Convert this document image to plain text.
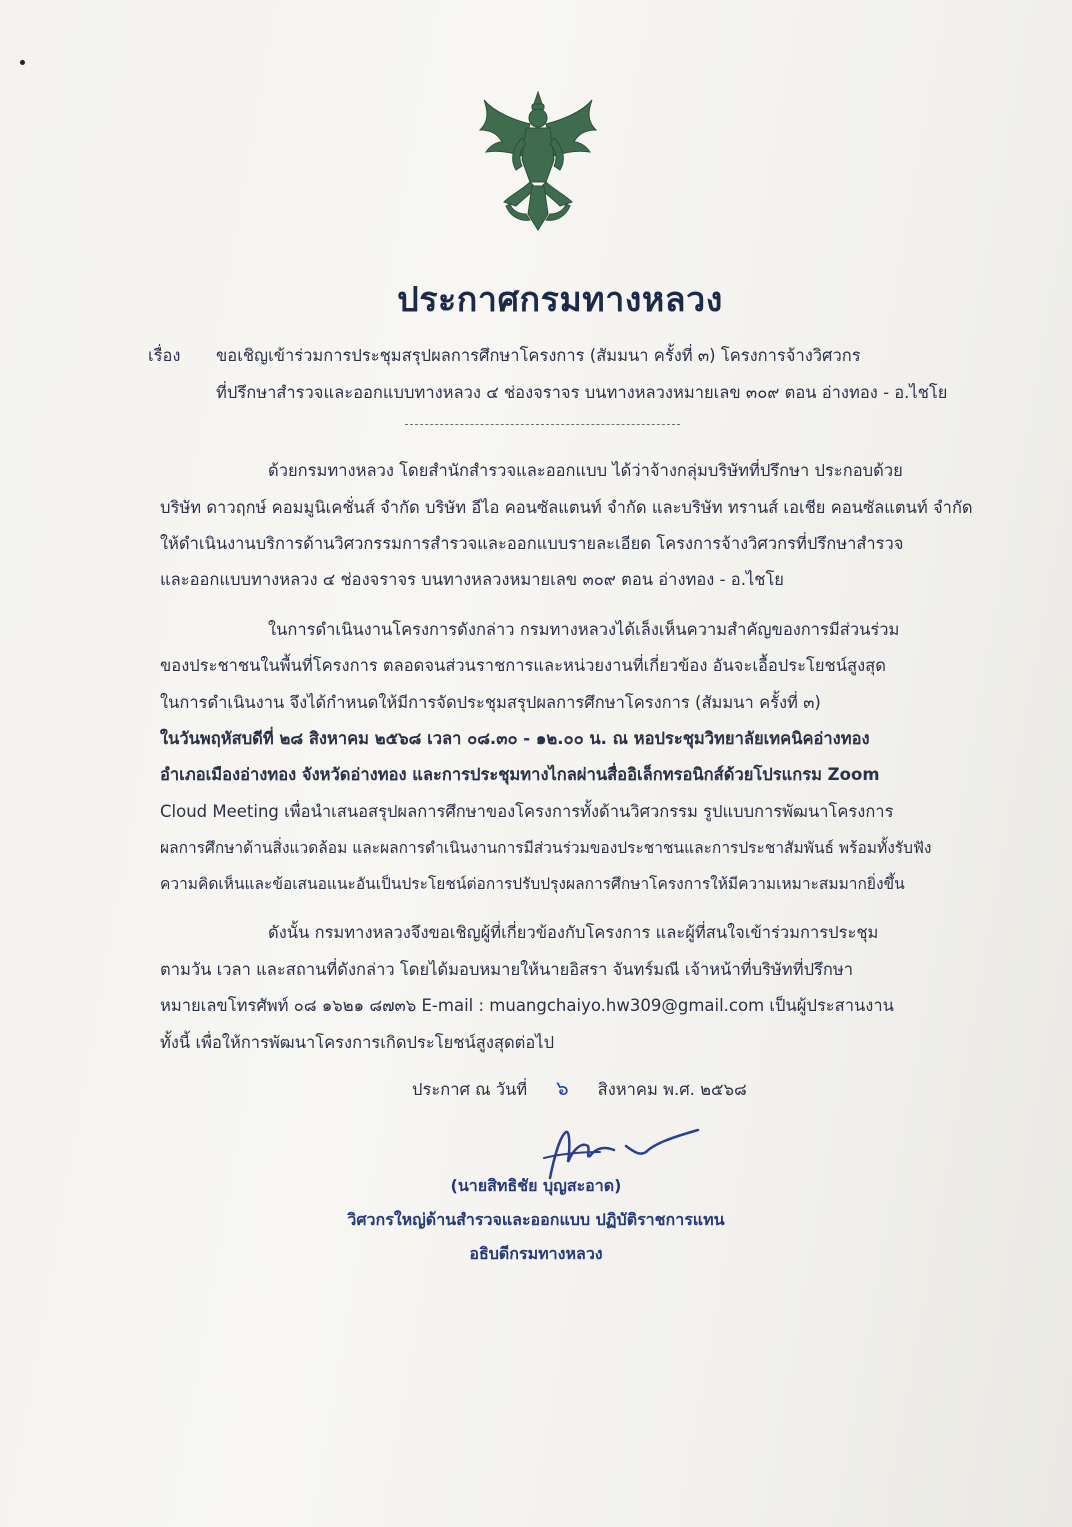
ประกาศกรมทางหลวง
เรื่อง ขอเชิญเข้าร่วมการประชุมสรุปผลการศึกษาโครงการ (สัมมนา ครั้งที่ ๓) โครงการจ้างวิศวกร
ที่ปรึกษาสำรวจและออกแบบทางหลวง ๔ ช่องจราจร บนทางหลวงหมายเลข ๓๐๙ ตอน อ่างทอง - อ.ไชโย
ด้วยกรมทางหลวง โดยสำนักสำรวจและออกแบบ ได้ว่าจ้างกลุ่มบริษัทที่ปรึกษา ประกอบด้วย
บริษัท ดาวฤกษ์ คอมมูนิเคชั่นส์ จำกัด บริษัท อีไอ คอนซัลแตนท์ จำกัด และบริษัท ทรานส์ เอเชีย คอนซัลแตนท์ จำกัด
ให้ดำเนินงานบริการด้านวิศวกรรมการสำรวจและออกแบบรายละเอียด โครงการจ้างวิศวกรที่ปรึกษาสำรวจ
และออกแบบทางหลวง ๔ ช่องจราจร บนทางหลวงหมายเลข ๓๐๙ ตอน อ่างทอง - อ.ไชโย
ในการดำเนินงานโครงการดังกล่าว กรมทางหลวงได้เล็งเห็นความสำคัญของการมีส่วนร่วม
ของประชาชนในพื้นที่โครงการ ตลอดจนส่วนราชการและหน่วยงานที่เกี่ยวข้อง อันจะเอื้อประโยชน์สูงสุด
ในการดำเนินงาน จึงได้กำหนดให้มีการจัดประชุมสรุปผลการศึกษาโครงการ (สัมมนา ครั้งที่ ๓)
ในวันพฤหัสบดีที่ ๒๘ สิงหาคม ๒๕๖๘ เวลา ๐๘.๓๐ - ๑๒.๐๐ น. ณ หอประชุมวิทยาลัยเทคนิคอ่างทอง
อำเภอเมืองอ่างทอง จังหวัดอ่างทอง และการประชุมทางไกลผ่านสื่ออิเล็กทรอนิกส์ด้วยโปรแกรม Zoom
Cloud Meeting เพื่อนำเสนอสรุปผลการศึกษาของโครงการทั้งด้านวิศวกรรม รูปแบบการพัฒนาโครงการ
ผลการศึกษาด้านสิ่งแวดล้อม และผลการดำเนินงานการมีส่วนร่วมของประชาชนและการประชาสัมพันธ์ พร้อมทั้งรับฟัง
ความคิดเห็นและข้อเสนอแนะอันเป็นประโยชน์ต่อการปรับปรุงผลการศึกษาโครงการให้มีความเหมาะสมมากยิ่งขึ้น
ดังนั้น กรมทางหลวงจึงขอเชิญผู้ที่เกี่ยวข้องกับโครงการ และผู้ที่สนใจเข้าร่วมการประชุม
ตามวัน เวลา และสถานที่ดังกล่าว โดยได้มอบหมายให้นายอิสรา จันทร์มณี เจ้าหน้าที่บริษัทที่ปรึกษา
หมายเลขโทรศัพท์ ๐๘ ๑๖๒๑ ๘๗๓๖ E-mail : muangchaiyo.hw309@gmail.com เป็นผู้ประสานงาน
ทั้งนี้ เพื่อให้การพัฒนาโครงการเกิดประโยชน์สูงสุดต่อไป
ประกาศ ณ วันที่ ๖ สิงหาคม พ.ศ. ๒๕๖๘
(นายสิทธิชัย บุญสะอาด)
วิศวกรใหญ่ด้านสำรวจและออกแบบ ปฏิบัติราชการแทน
อธิบดีกรมทางหลวง
